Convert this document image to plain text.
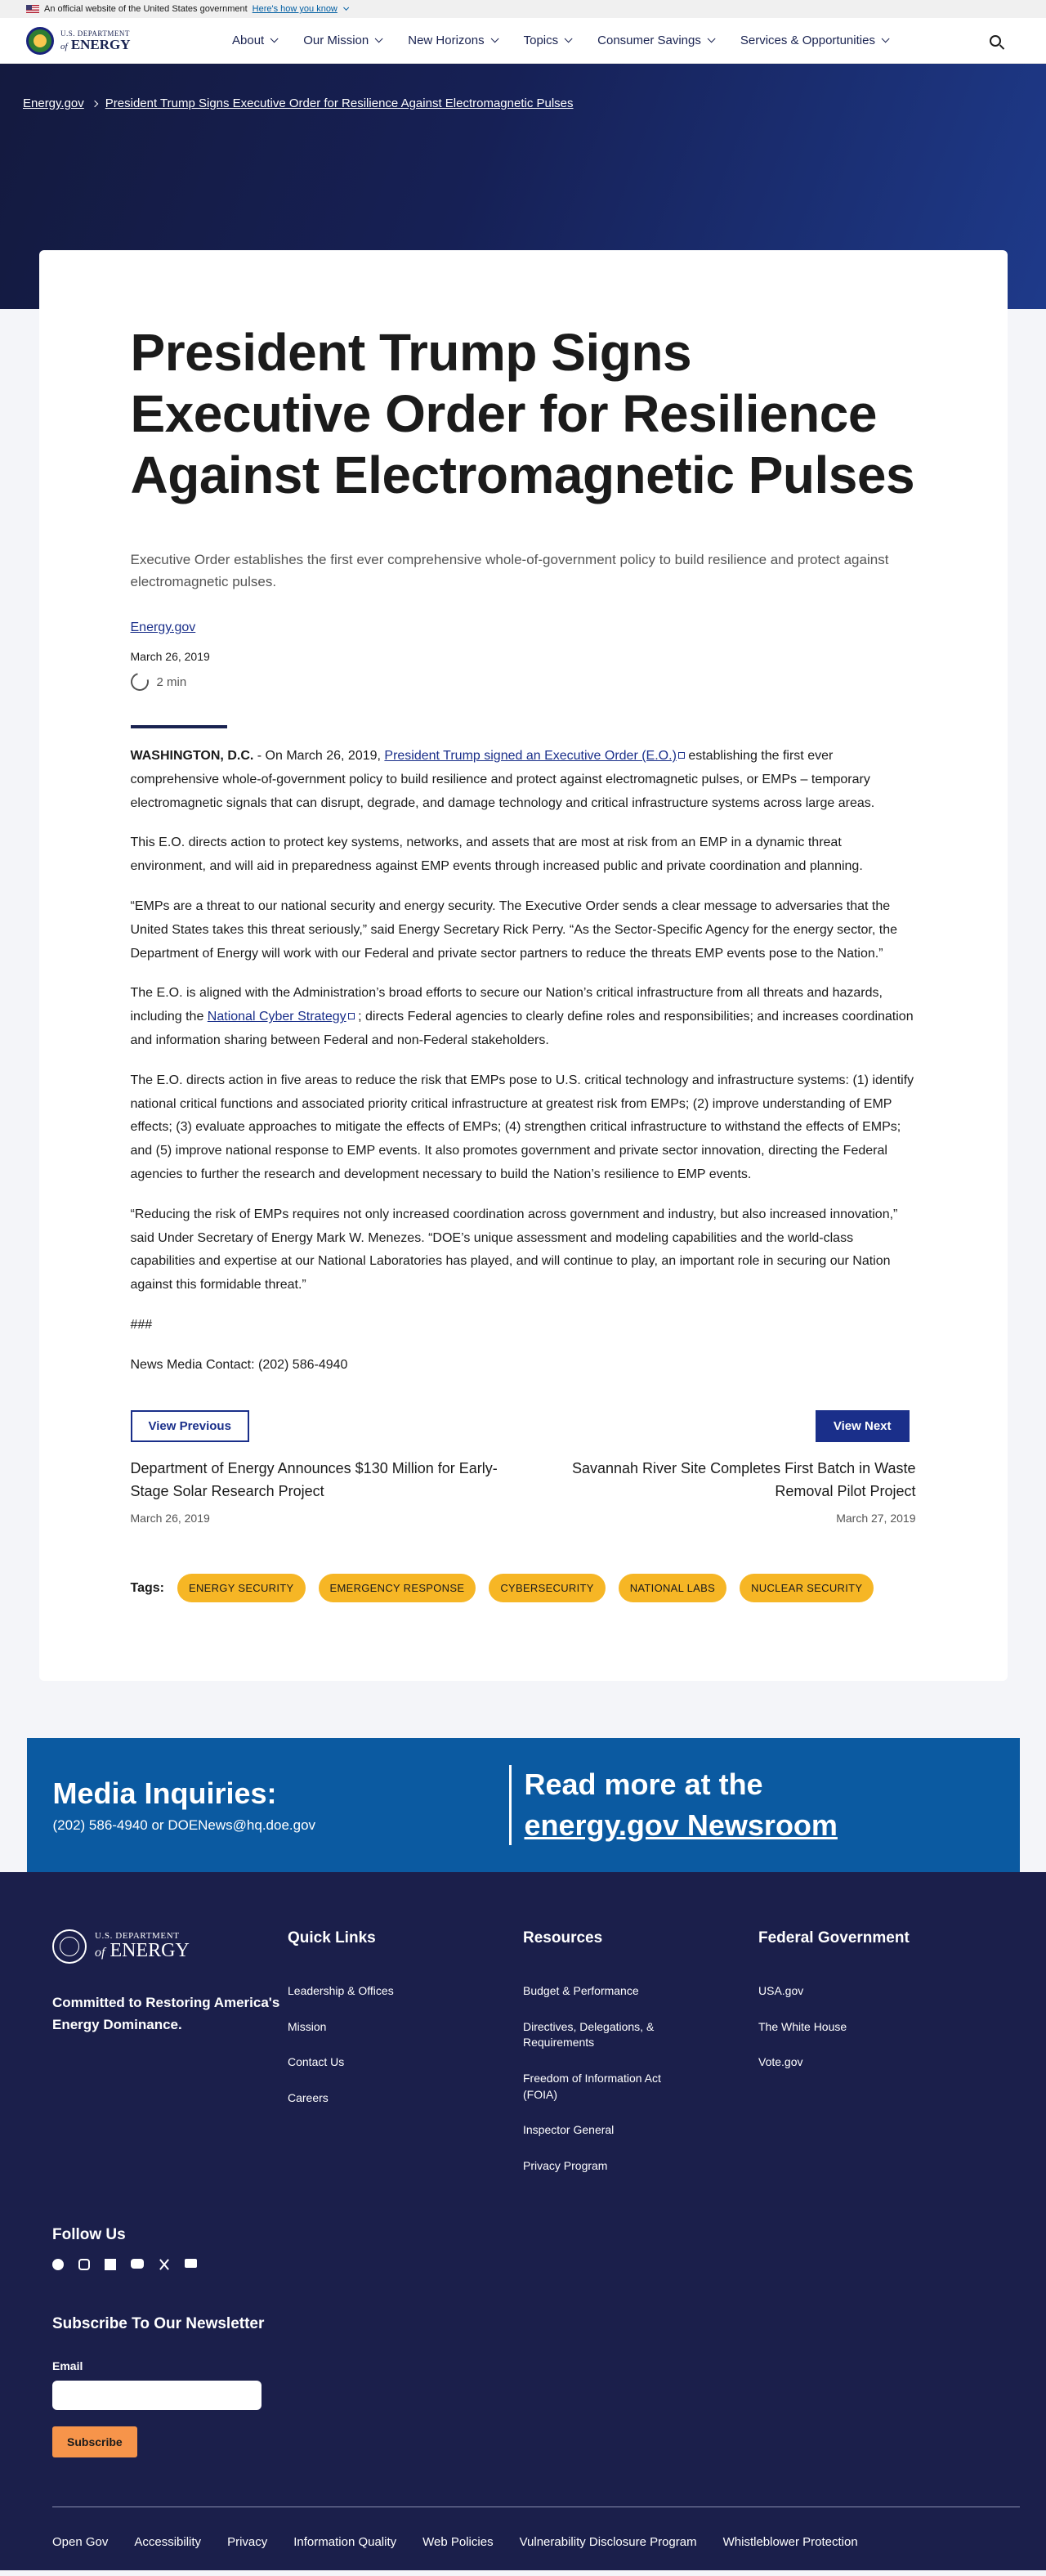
An official website of the United States government Here's how you know
U.S. DEPARTMENT
of ENERGY	About	Our Mission	New Horizons	Topics	Consumer Savings	Services & Opportunities
Energy.gov President Trump Signs Executive Order for Resilience Against Electromagnetic Pulses
President Trump Signs Executive Order for Resilience Against Electromagnetic Pulses

Executive Order establishes the first ever comprehensive whole-of-government policy to build resilience and protect against electromagnetic pulses.

Energy.gov
March 26, 2019
2 min

WASHINGTON, D.C. - On March 26, 2019, President Trump signed an Executive Order (E.O.) establishing the first ever comprehensive whole-of-government policy to build resilience and protect against electromagnetic pulses, or EMPs – temporary electromagnetic signals that can disrupt, degrade, and damage technology and critical infrastructure systems across large areas.

This E.O. directs action to protect key systems, networks, and assets that are most at risk from an EMP in a dynamic threat environment, and will aid in preparedness against EMP events through increased public and private coordination and planning.

“EMPs are a threat to our national security and energy security. The Executive Order sends a clear message to adversaries that the United States takes this threat seriously,” said Energy Secretary Rick Perry. “As the Sector-Specific Agency for the energy sector, the Department of Energy will work with our Federal and private sector partners to reduce the threats EMP events pose to the Nation.”

The E.O. is aligned with the Administration’s broad efforts to secure our Nation’s critical infrastructure from all threats and hazards, including the National Cyber Strategy ; directs Federal agencies to clearly define roles and responsibilities; and increases coordination and information sharing between Federal and non-Federal stakeholders.

The E.O. directs action in five areas to reduce the risk that EMPs pose to U.S. critical technology and infrastructure systems: (1) identify national critical functions and associated priority critical infrastructure at greatest risk from EMPs; (2) improve understanding of EMP effects; (3) evaluate approaches to mitigate the effects of EMPs; (4) strengthen critical infrastructure to withstand the effects of EMPs; and (5) improve national response to EMP events. It also promotes government and private sector innovation, directing the Federal agencies to further the research and development necessary to build the Nation’s resilience to EMP events.

“Reducing the risk of EMPs requires not only increased coordination across government and industry, but also increased innovation,” said Under Secretary of Energy Mark W. Menezes. “DOE’s unique assessment and modeling capabilities and the world-class capabilities and expertise at our National Laboratories has played, and will continue to play, an important role in securing our Nation against this formidable threat.”

###

News Media Contact: (202) 586-4940

View Previous
Department of Energy Announces $130 Million for Early-Stage Solar Research Project
March 26, 2019
View Next
Savannah River Site Completes First Batch in Waste Removal Pilot Project
March 27, 2019
Tags:	ENERGY SECURITY	EMERGENCY RESPONSE	CYBERSECURITY	NATIONAL LABS	NUCLEAR SECURITY
Media Inquiries:

(202) 586-4940 or DOENews@hq.doe.gov

Read more at the
energy.gov Newsroom
U.S. DEPARTMENT
of ENERGY
Committed to Restoring America's Energy Dominance.
Quick Links
Leadership & Offices
Mission
Contact Us
Careers
Resources
Budget & Performance
Directives, Delegations, & Requirements
Freedom of Information Act (FOIA)
Inspector General
Privacy Program
Federal Government
USA.gov
The White House
Vote.gov
Follow Us
Subscribe To Our Newsletter
Email
Subscribe
Open Gov Accessibility Privacy Information Quality Web Policies Vulnerability Disclosure Program Whistleblower Protection
